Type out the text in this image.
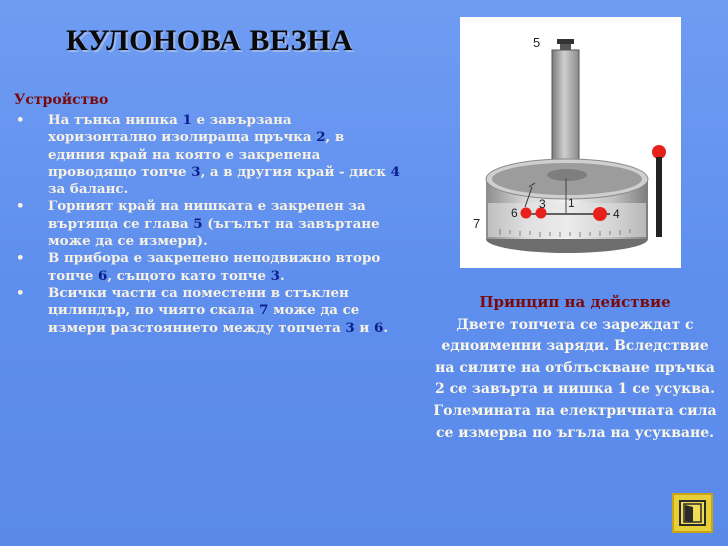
КУЛОНОВА ВЕЗНА
Устройство
• На тънка нишка 1 е завързана хоризонтално изолираща пръчка 2, в единия край на която е закрепена проводящо топче 3, а в другия край - диск 4 за баланс.
• Горният край на нишката е закрепен за въртяща се глава 5 (ъгълът на завъртане може да се измери).
• В прибора е закрепено неподвижно второ топче 6, същото като топче 3.
• Всички части са поместени в стъклен цилиндър, по чиято скала 7 може да се измери разстоянието между топчета 3 и 6.
5
1
3
6	4
7
Принцип на действие
Двете топчета се зареждат с едноименни заряди. Вследствие на силите на отблъскване пръчка 2 се завърта и нишка 1 се усуква. Големината на електричната сила се измерва по ъгъла на усукване.
